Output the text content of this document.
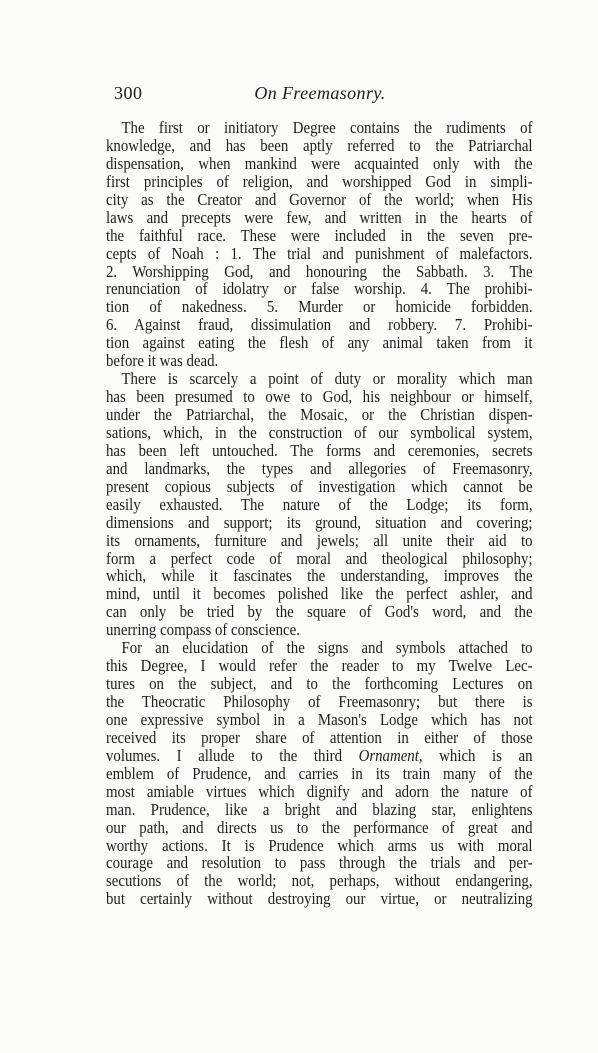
300	On Freemasonry.
The first or initiatory Degree contains the rudiments of
knowledge, and has been aptly referred to the Patriarchal
dispensation, when mankind were acquainted only with the
first principles of religion, and worshipped God in simpli-
city as the Creator and Governor of the world; when His
laws and precepts were few, and written in the hearts of
the faithful race. These were included in the seven pre-
cepts of Noah : 1. The trial and punishment of malefactors.
2. Worshipping God, and honouring the Sabbath. 3. The
renunciation of idolatry or false worship. 4. The prohibi-
tion of nakedness. 5. Murder or homicide forbidden.
6. Against fraud, dissimulation and robbery. 7. Prohibi-
tion against eating the flesh of any animal taken from it
before it was dead.
There is scarcely a point of duty or morality which man
has been presumed to owe to God, his neighbour or himself,
under the Patriarchal, the Mosaic, or the Christian dispen-
sations, which, in the construction of our symbolical system,
has been left untouched. The forms and ceremonies, secrets
and landmarks, the types and allegories of Freemasonry,
present copious subjects of investigation which cannot be
easily exhausted. The nature of the Lodge; its form,
dimensions and support; its ground, situation and covering;
its ornaments, furniture and jewels; all unite their aid to
form a perfect code of moral and theological philosophy;
which, while it fascinates the understanding, improves the
mind, until it becomes polished like the perfect ashler, and
can only be tried by the square of God's word, and the
unerring compass of conscience.
For an elucidation of the signs and symbols attached to
this Degree, I would refer the reader to my Twelve Lec-
tures on the subject, and to the forthcoming Lectures on
the Theocratic Philosophy of Freemasonry; but there is
one expressive symbol in a Mason's Lodge which has not
received its proper share of attention in either of those
volumes. I allude to the third Ornament, which is an
emblem of Prudence, and carries in its train many of the
most amiable virtues which dignify and adorn the nature of
man. Prudence, like a bright and blazing star, enlightens
our path, and directs us to the performance of great and
worthy actions. It is Prudence which arms us with moral
courage and resolution to pass through the trials and per-
secutions of the world; not, perhaps, without endangering,
but certainly without destroying our virtue, or neutralizing
